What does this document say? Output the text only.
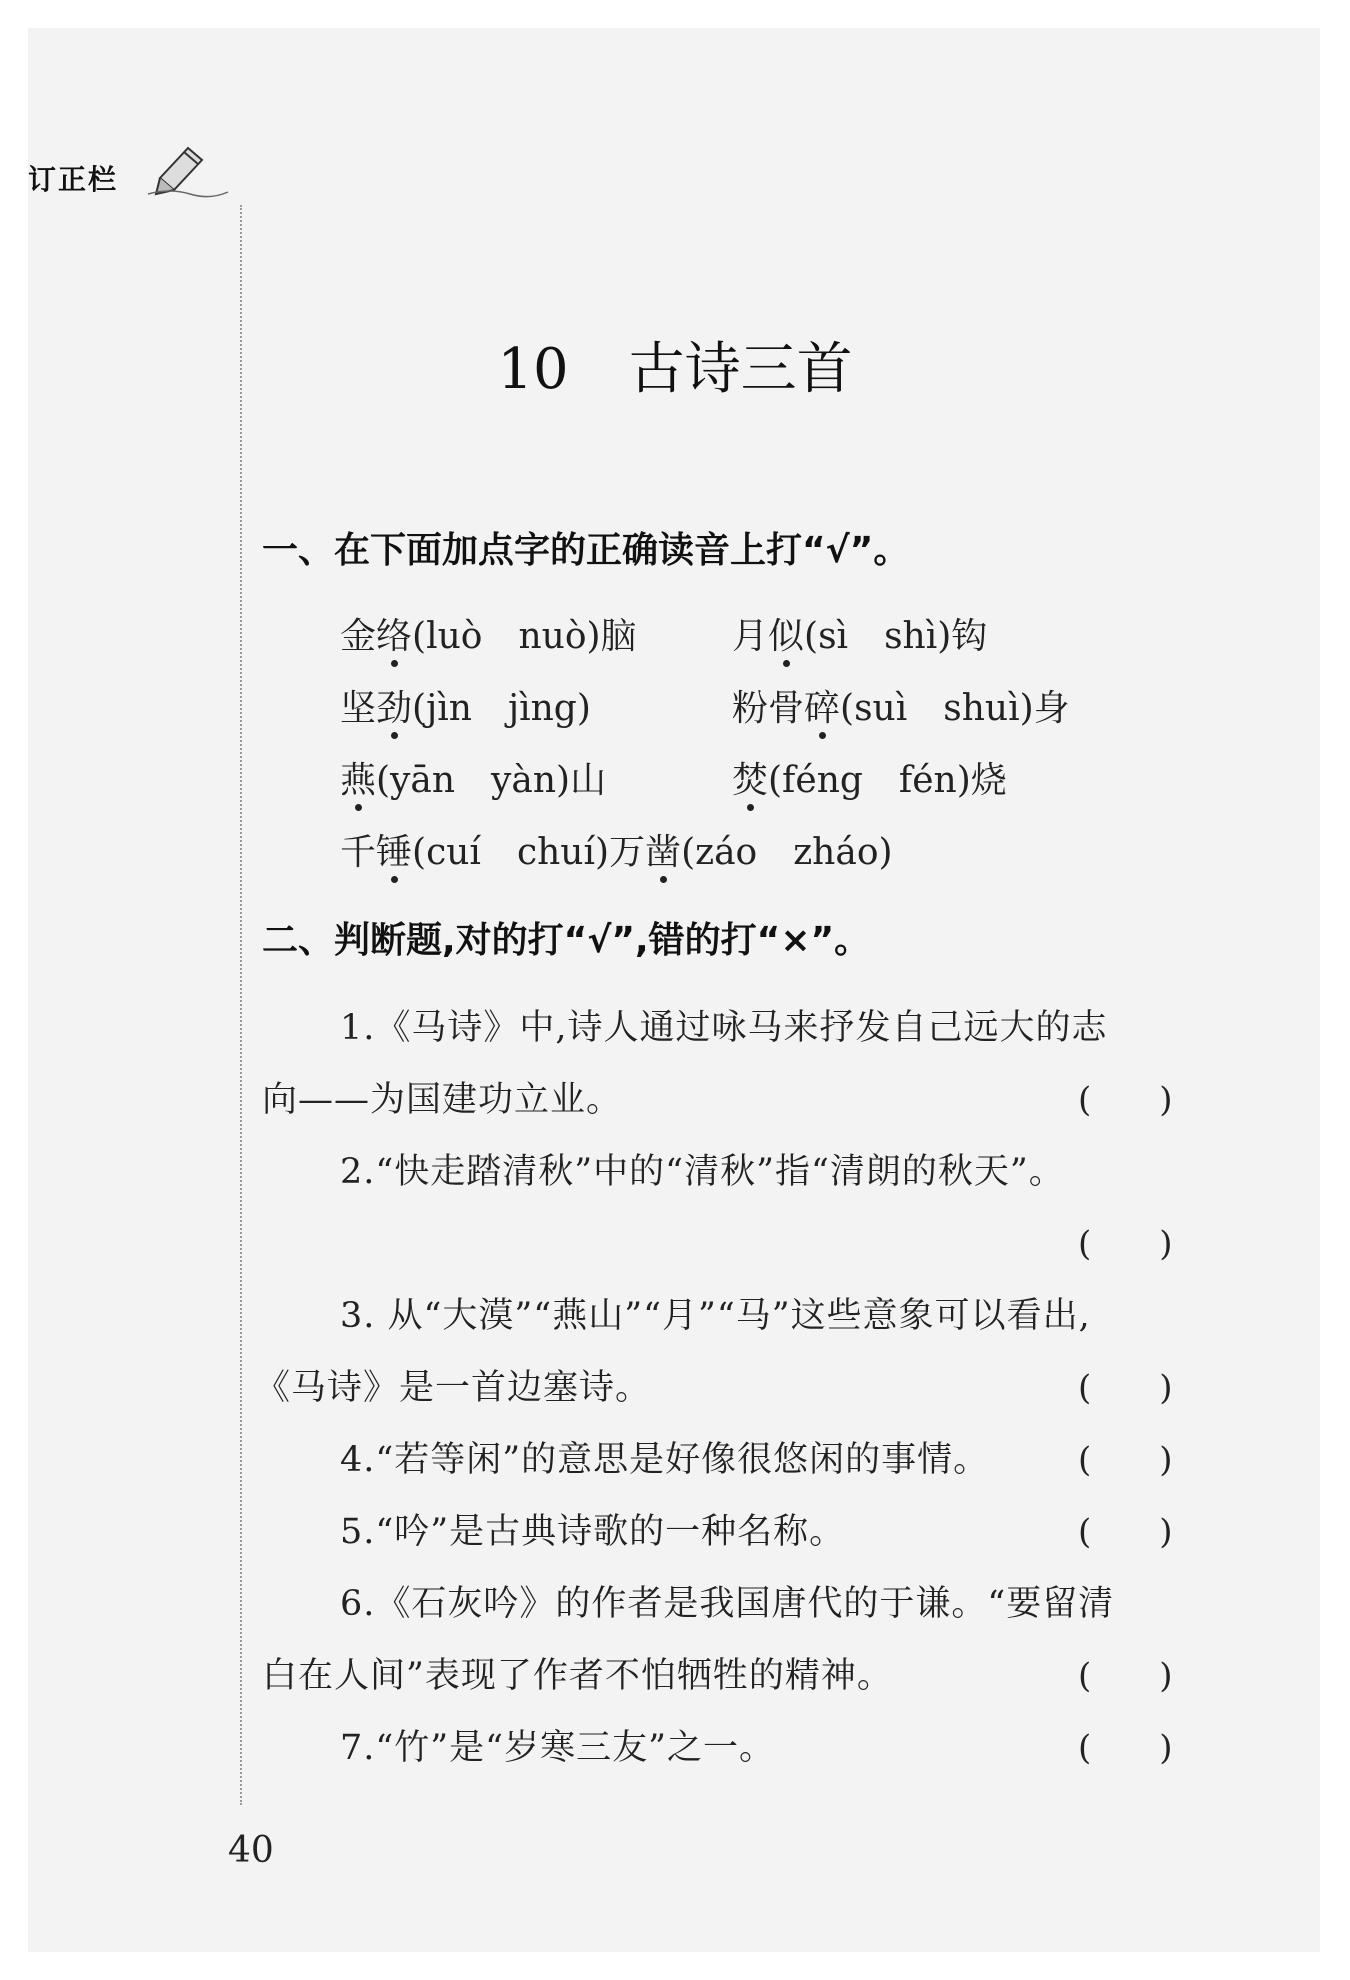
订正栏
10 古诗三首
一、在下面加点字的正确读音上打“√”。
金络(luò　nuò)脑	月似(sì　shì)钩
坚劲(jìn　jìng)	粉骨碎(suì　shuì)身
燕(yān　yàn)山	焚(féng　fén)烧
千锤(cuí　chuí)万凿(záo　zháo)
二、判断题,对的打“√”,错的打“×”。
1.《马诗》中,诗人通过咏马来抒发自己远大的志
向——为国建功立业。	(　　)
2.“快走踏清秋”中的“清秋”指“清朗的秋天”。
(　　)
3. 从“大漠”“燕山”“月”“马”这些意象可以看出,
《马诗》是一首边塞诗。	(　　)
4.“若等闲”的意思是好像很悠闲的事情。	(　　)
5.“吟”是古典诗歌的一种名称。	(　　)
6.《石灰吟》的作者是我国唐代的于谦。“要留清
白在人间”表现了作者不怕牺牲的精神。	(　　)
7.“竹”是“岁寒三友”之一。	(　　)
40
